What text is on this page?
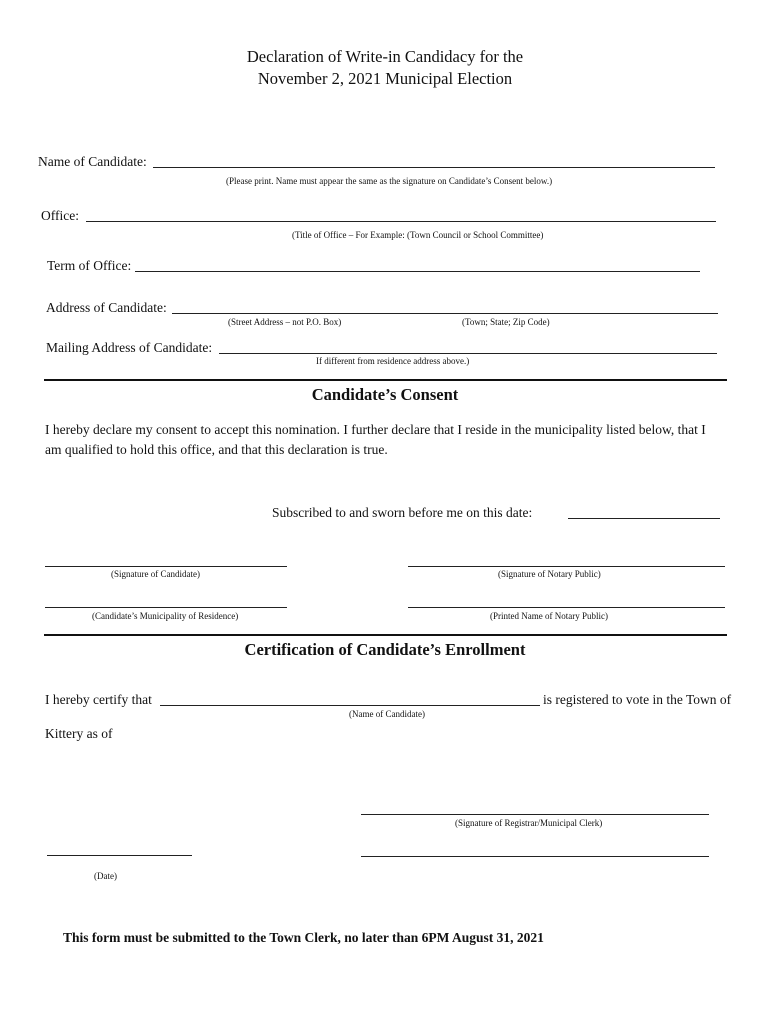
Declaration of Write-in Candidacy for the
November 2, 2021 Municipal Election
Name of Candidate:
(Please print. Name must appear the same as the signature on Candidate’s Consent below.)
Office:
(Title of Office – For Example: (Town Council or School Committee)
Term of Office:
Address of Candidate:
(Street Address – not P.O. Box)	(Town; State; Zip Code)
Mailing Address of Candidate:
If different from residence address above.)
Candidate’s Consent
I hereby declare my consent to accept this nomination. I further declare that I reside in the municipality listed below, that I am qualified to hold this office, and that this declaration is true.
Subscribed to and sworn before me on this date:
(Signature of Candidate)	(Signature of Notary Public)
(Candidate’s Municipality of Residence)	(Printed Name of Notary Public)
Certification of Candidate’s Enrollment
I hereby certify that	is registered to vote in the Town of
(Name of Candidate)
Kittery as of
(Signature of Registrar/Municipal Clerk)
(Date)
This form must be submitted to the Town Clerk, no later than 6PM August 31, 2021
